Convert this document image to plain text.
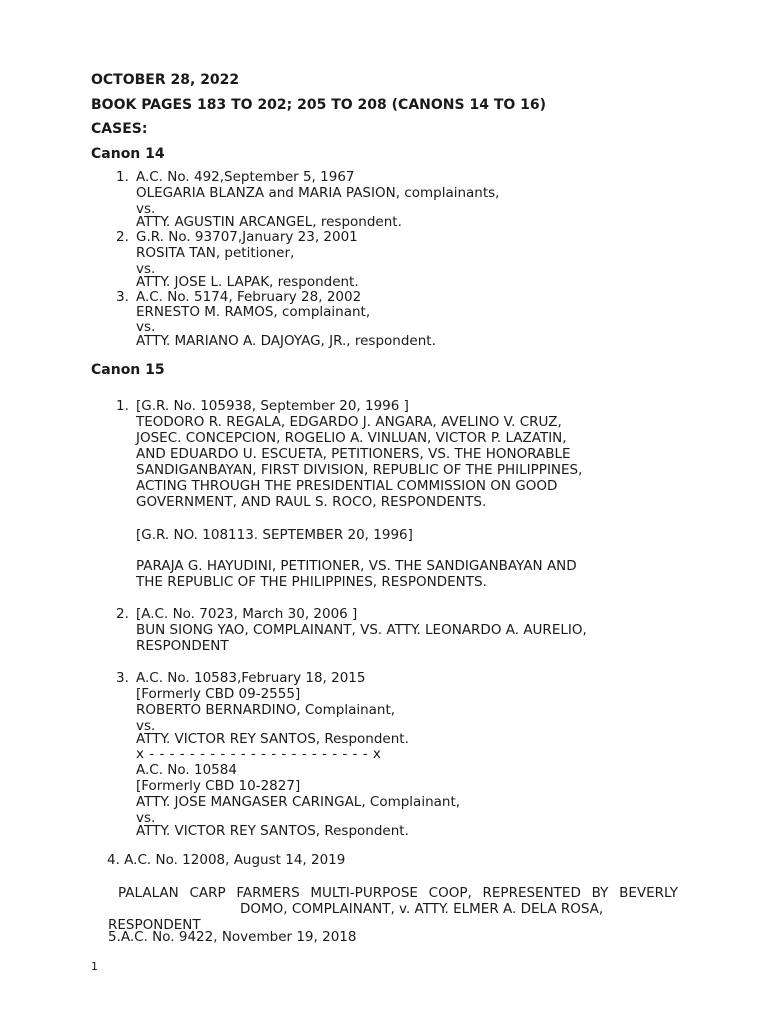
OCTOBER 28, 2022
BOOK PAGES 183 TO 202; 205 TO 208 (CANONS 14 TO 16)
CASES:
Canon 14
1. A.C. No. 492,September 5, 1967
OLEGARIA BLANZA and MARIA PASION, complainants,
vs.
ATTY. AGUSTIN ARCANGEL, respondent.
2. G.R. No. 93707,January 23, 2001
ROSITA TAN, petitioner,
vs.
ATTY. JOSE L. LAPAK, respondent.
3. A.C. No. 5174, February 28, 2002
ERNESTO M. RAMOS, complainant,
vs.
ATTY. MARIANO A. DAJOYAG, JR., respondent.
Canon 15
1. [G.R. No. 105938, September 20, 1996 ]
TEODORO R. REGALA, EDGARDO J. ANGARA, AVELINO V. CRUZ,
JOSEC. CONCEPCION, ROGELIO A. VINLUAN, VICTOR P. LAZATIN,
AND EDUARDO U. ESCUETA, PETITIONERS, VS. THE HONORABLE
SANDIGANBAYAN, FIRST DIVISION, REPUBLIC OF THE PHILIPPINES,
ACTING THROUGH THE PRESIDENTIAL COMMISSION ON GOOD
GOVERNMENT, AND RAUL S. ROCO, RESPONDENTS.
[G.R. NO. 108113. SEPTEMBER 20, 1996]
PARAJA G. HAYUDINI, PETITIONER, VS. THE SANDIGANBAYAN AND
THE REPUBLIC OF THE PHILIPPINES, RESPONDENTS.
2. [A.C. No. 7023, March 30, 2006 ]
BUN SIONG YAO, COMPLAINANT, VS. ATTY. LEONARDO A. AURELIO,
RESPONDENT
3. A.C. No. 10583,February 18, 2015
[Formerly CBD 09-2555]
ROBERTO BERNARDINO, Complainant,
vs.
ATTY. VICTOR REY SANTOS, Respondent.
x - - - - - - - - - - - - - - - - - - - - - - x
A.C. No. 10584
[Formerly CBD 10-2827]
ATTY. JOSE MANGASER CARINGAL, Complainant,
vs.
ATTY. VICTOR REY SANTOS, Respondent.
4. A.C. No. 12008, August 14, 2019
PALALAN CARP FARMERS MULTI-PURPOSE COOP, REPRESENTED BY BEVERLY
DOMO, COMPLAINANT, v. ATTY. ELMER A. DELA ROSA,
RESPONDENT
5.A.C. No. 9422, November 19, 2018
1
